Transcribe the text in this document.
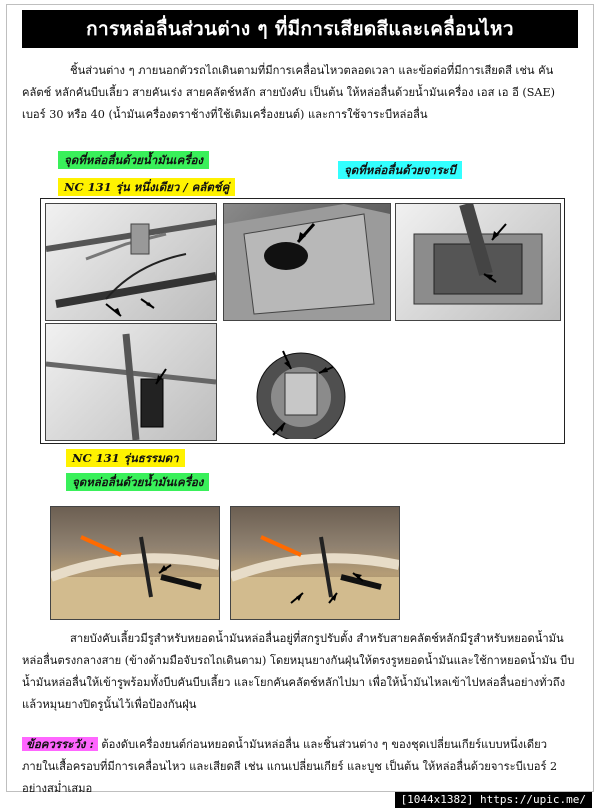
การหล่อลื่นส่วนต่าง ๆ ที่มีการเสียดสีและเคลื่อนไหว
ชิ้นส่วนต่าง ๆ ภายนอกตัวรถไถเดินตามที่มีการเคลื่อนไหวตลอดเวลา และข้อต่อที่มีการเสียดสี เช่น คันคลัตช์ หลักคันบีบเลี้ยว สายคันเร่ง สายคลัตช์หลัก สายบังคับ เป็นต้น ให้หล่อลื่นด้วยน้ำมันเครื่อง เอส เอ อี (SAE) เบอร์ 30 หรือ 40 (น้ำมันเครื่องตราช้างที่ใช้เติมเครื่องยนต์) และการใช้จาระบีหล่อลื่น
จุดที่หล่อลื่นด้วยน้ำมันเครื่อง
NC 131 รุ่น หนึ่งเดียว / คลัตช์คู่
จุดที่หล่อลื่นด้วยจาระบี
NC 131 รุ่นธรรมดา
จุดหล่อลื่นด้วยน้ำมันเครื่อง
สายบังคับเลี้ยวมีรูสำหรับหยอดน้ำมันหล่อลื่นอยู่ที่สกรูปรับตั้ง สำหรับสายคลัตช์หลักมีรูสำหรับหยอดน้ำมันหล่อลื่นตรงกลางสาย (ข้างด้ามมือจับรถไถเดินตาม) โดยหมุนยางกันฝุ่นให้ตรงรูหยอดน้ำมันและใช้กาหยอดน้ำมัน บีบน้ำมันหล่อลื่นให้เข้ารูพร้อมทั้งบีบคันบีบเลี้ยว และโยกคันคลัตช์หลักไปมา เพื่อให้น้ำมันไหลเข้าไปหล่อลื่นอย่างทั่วถึง แล้วหมุนยางปิดรูนั้นไว้เพื่อป้องกันฝุ่น
ข้อควรระวัง : ต้องดับเครื่องยนต์ก่อนหยอดน้ำมันหล่อลื่น และชิ้นส่วนต่าง ๆ ของชุดเปลี่ยนเกียร์แบบหนึ่งเดียวภายในเสื้อครอบที่มีการเคลื่อนไหว และเสียดสี เช่น แกนเปลี่ยนเกียร์ และบูช เป็นต้น ให้หล่อลื่นด้วยจาระบีเบอร์ 2 อย่างสม่ำเสมอ
[1044x1382] https://upic.me/
